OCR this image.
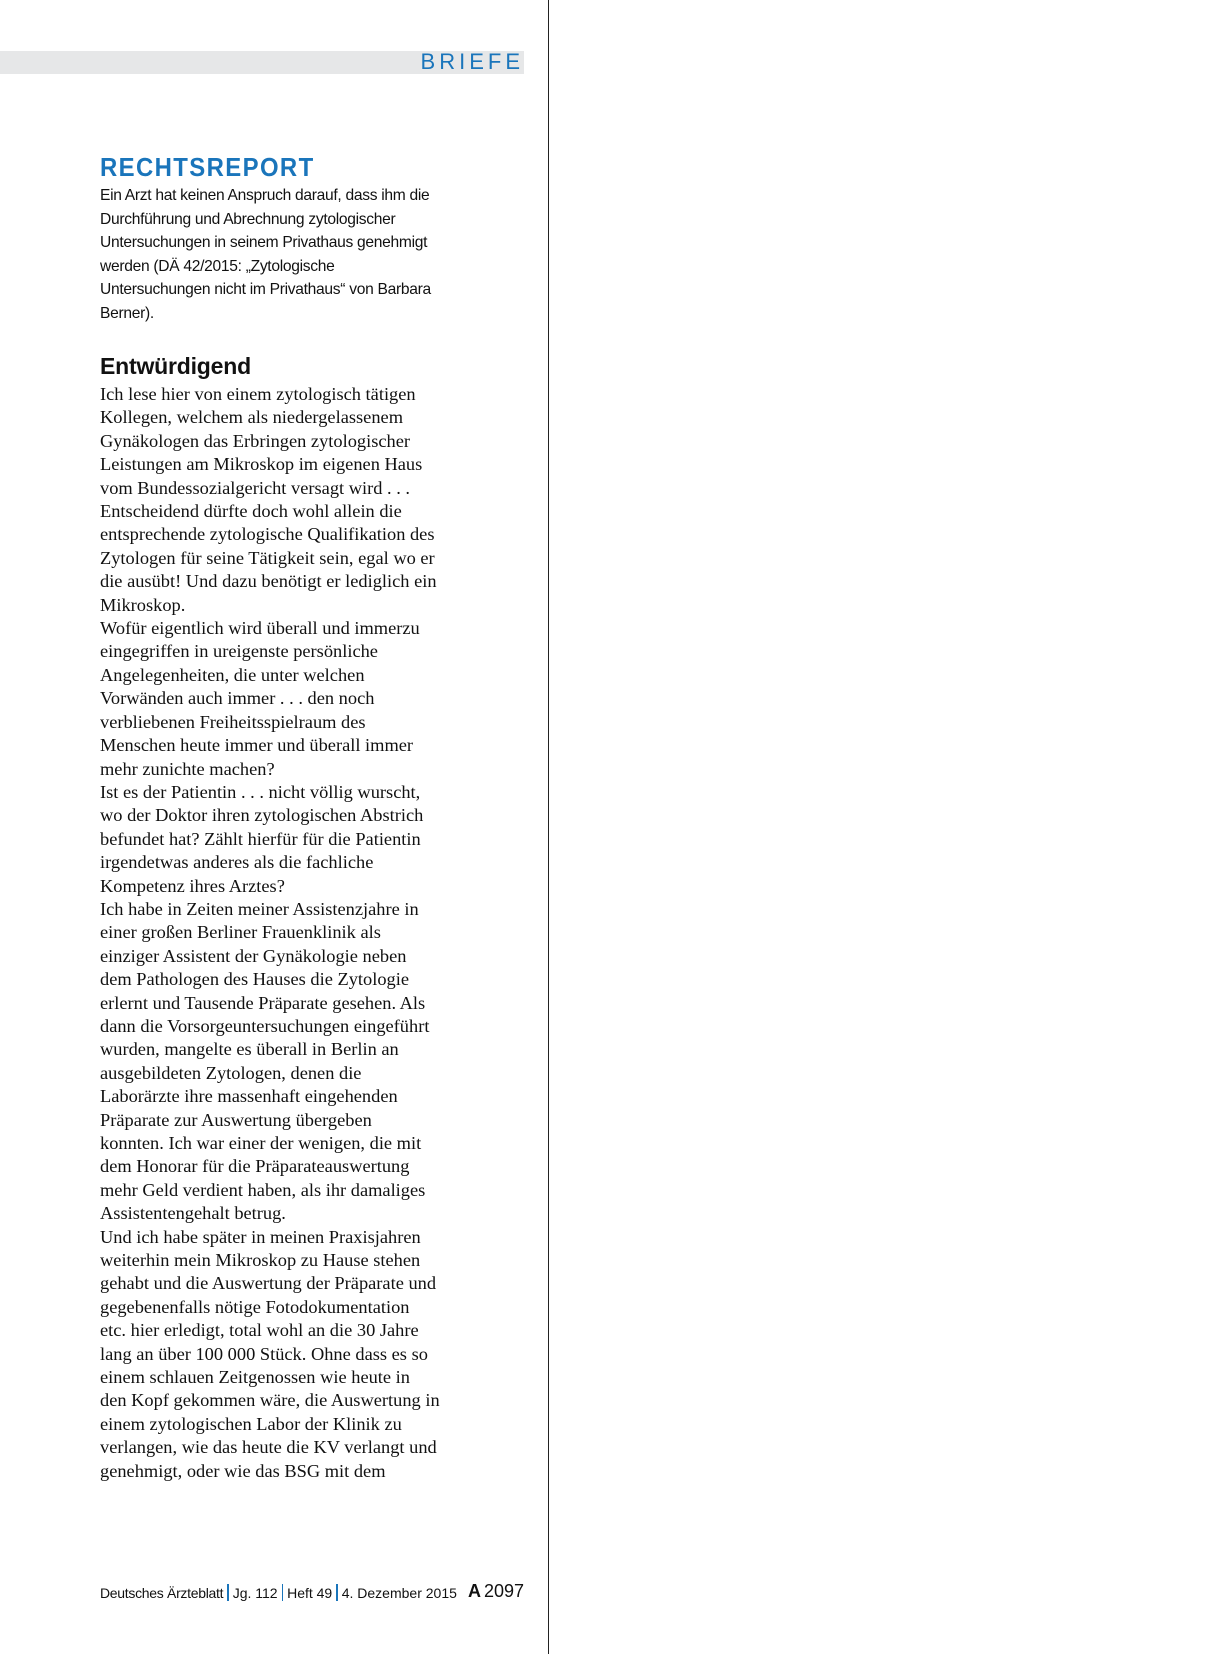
BRIEFE
RECHTSREPORT

Ein Arzt hat keinen Anspruch darauf, dass ihm die Durchführung und Abrechnung zytologischer Untersuchungen in seinem Privathaus genehmigt werden (DÄ 42/2015: „Zytologische Untersuchungen nicht im Privathaus“ von Barbara Berner).

Entwürdigend

Ich lese hier von einem zytologisch tätigen Kollegen, welchem als niedergelassenem Gynäkologen das Erbringen zytologischer Leistungen am Mikroskop im eigenen Haus vom Bundessozialgericht versagt wird . . .

Entscheidend dürfte doch wohl allein die entsprechende zytologische Qualifikation des Zytologen für seine Tätigkeit sein, egal wo er die ausübt! Und dazu benötigt er lediglich ein Mikroskop.

Wofür eigentlich wird überall und immerzu eingegriffen in ureigenste persönliche Angelegenheiten, die unter welchen Vorwänden auch immer . . . den noch verbliebenen Freiheitsspielraum des Menschen heute immer und überall immer mehr zunichte machen?

Ist es der Patientin . . . nicht völlig wurscht, wo der Doktor ihren zytologischen Abstrich befundet hat? Zählt hierfür für die Patientin irgendetwas anderes als die fachliche Kompetenz ihres Arztes?

Ich habe in Zeiten meiner Assistenzjahre in einer großen Berliner Frauenklinik als einziger Assistent der Gynäkologie neben dem Pathologen des Hauses die Zytologie erlernt und Tausende Präparate gesehen. Als dann die Vorsorgeuntersuchungen eingeführt wurden, mangelte es überall in Berlin an ausgebildeten Zytologen, denen die Laborärzte ihre massenhaft eingehenden Präparate zur Auswertung übergeben konnten. Ich war einer der wenigen, die mit dem Honorar für die Präparateauswertung mehr Geld verdient haben, als ihr damaliges Assistentengehalt betrug.

Und ich habe später in meinen Praxisjahren weiterhin mein Mikroskop zu Hause stehen gehabt und die Auswertung der Präparate und gegebenenfalls nötige Fotodokumentation etc. hier erledigt, total wohl an die 30 Jahre lang an über 100 000 Stück. Ohne dass es so einem schlauen Zeitgenossen wie heute in den Kopf gekommen wäre, die Auswertung in einem zytologischen Labor der Klinik zu verlangen, wie das heute die KV verlangt und genehmigt, oder wie das BSG mit dem

Deutsches Ärzteblatt Jg. 112 Heft 49 4. Dezember 2015 A 2097
